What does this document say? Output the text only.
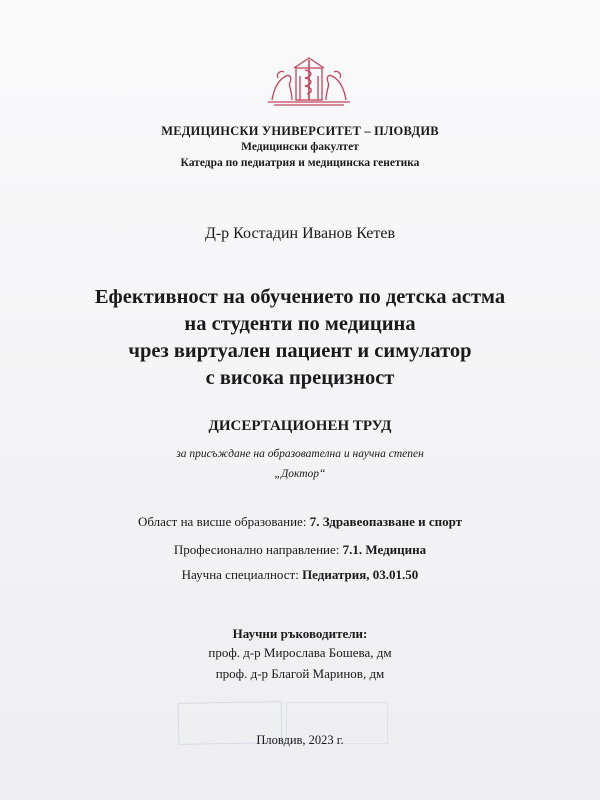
МЕДИЦИНСКИ УНИВЕРСИТЕТ – ПЛОВДИВ
Медицински факултет
Катедра по педиатрия и медицинска генетика
Д-р Костадин Иванов Кетев
Ефективност на обучението по детска астма
на студенти по медицина
чрез виртуален пациент и симулатор
с висока прецизност
ДИСЕРТАЦИОНЕН ТРУД
за присъждане на образователна и научна степен
„Доктор“
Област на висше образование: 7. Здравеопазване и спорт
Професионално направление: 7.1. Медицина
Научна специалност: Педиатрия, 03.01.50
Научни ръководители:
проф. д-р Мирослава Бошева, дм
проф. д-р Благой Маринов, дм
Пловдив, 2023 г.
